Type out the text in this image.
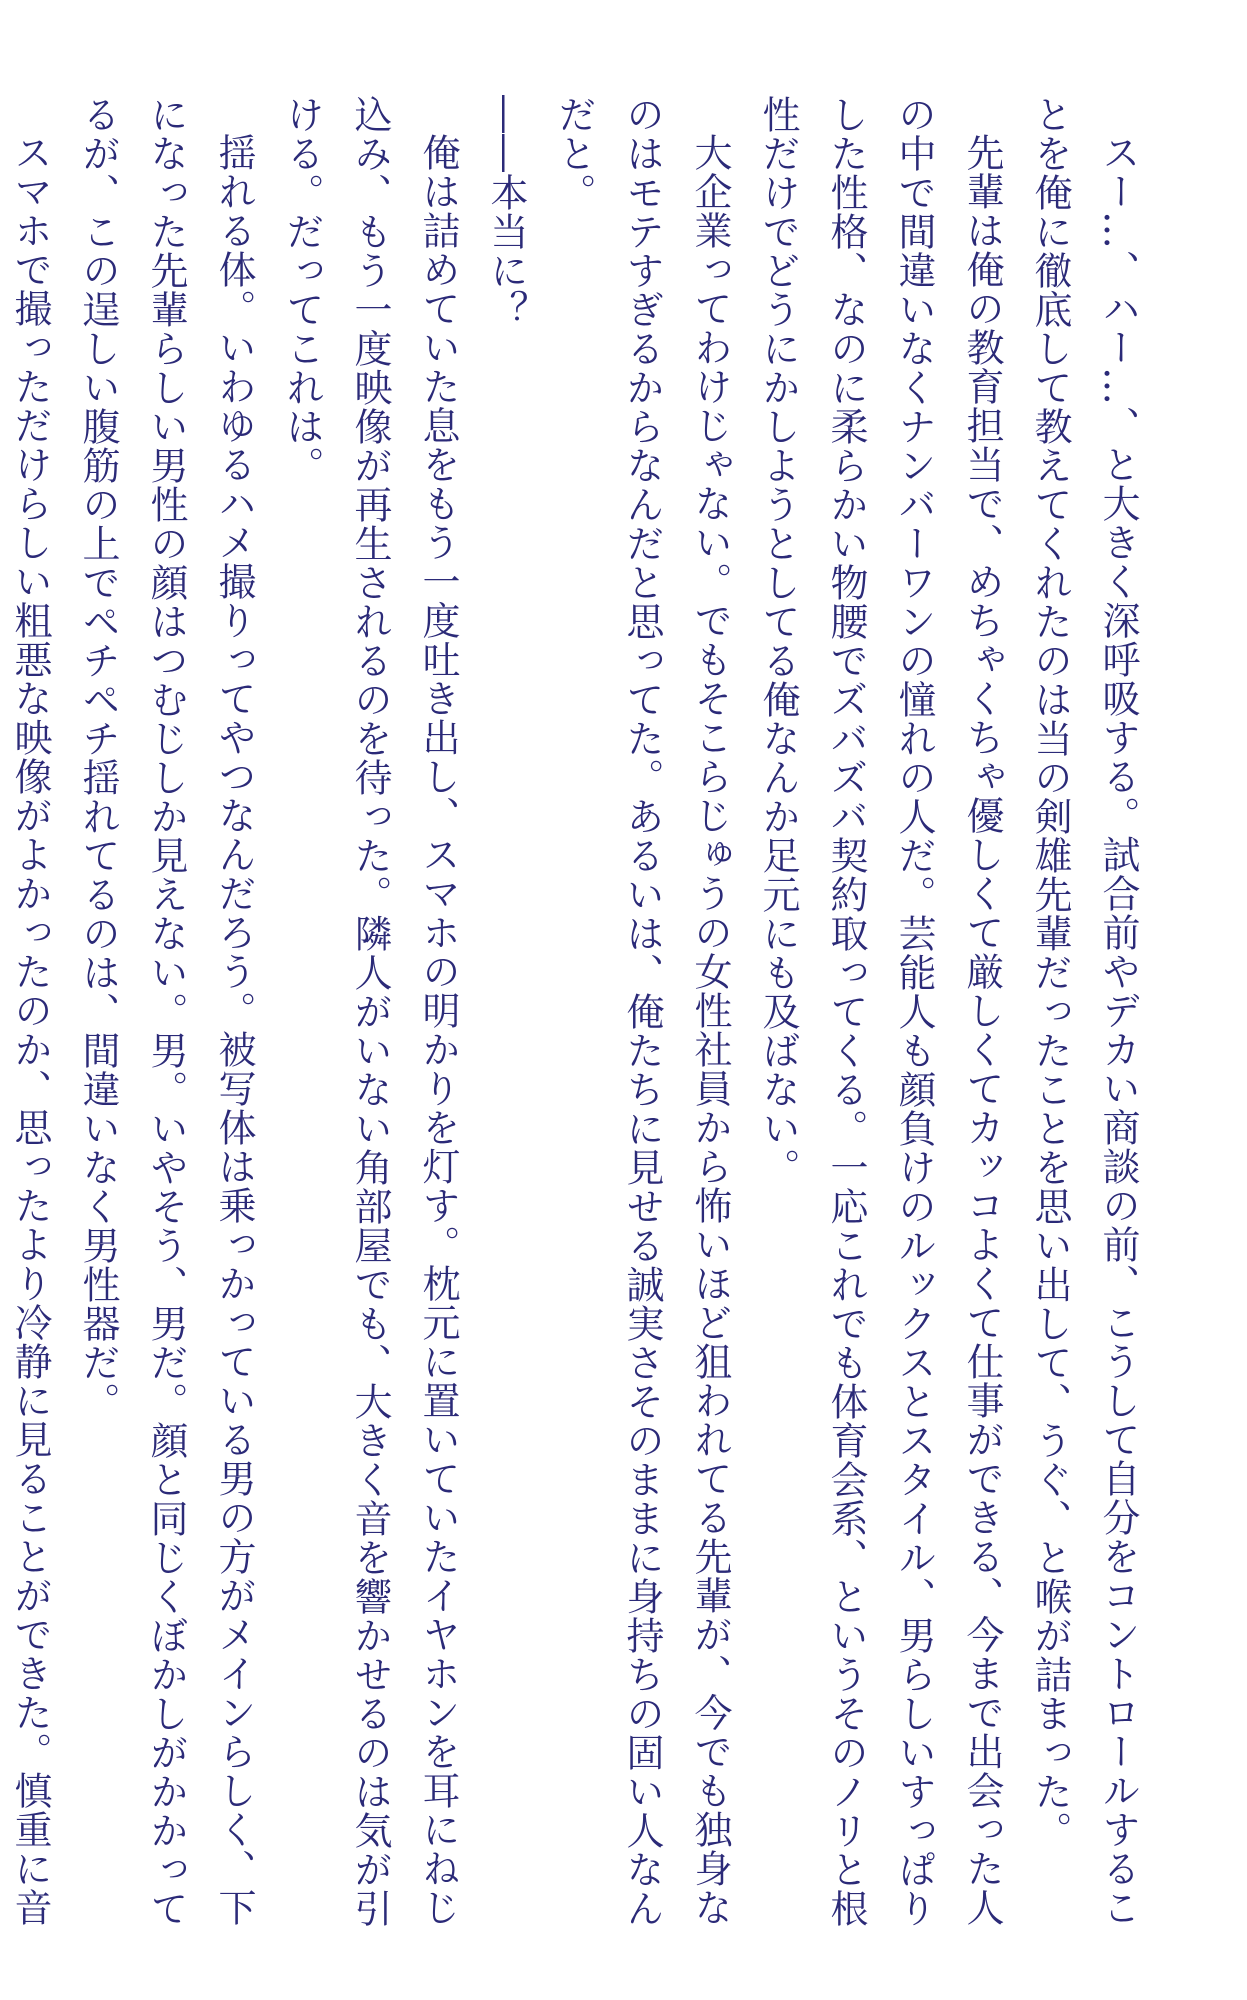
スー…、ハー…、と大きく深呼吸する。試合前やデカい商談の前、こうして自分をコントロールすることを俺に徹底して教えてくれたのは当の剣雄先輩だったことを思い出して、うぐ、と喉が詰まった。

先輩は俺の教育担当で、めちゃくちゃ優しくて厳しくてカッコよくて仕事ができる、今まで出会った人の中で間違いなくナンバーワンの憧れの人だ。芸能人も顔負けのルックスとスタイル、男らしいすっぱりした性格、なのに柔らかい物腰でズバズバ契約取ってくる。一応これでも体育会系、というそのノリと根性だけでどうにかしようとしてる俺なんか足元にも及ばない。

大企業ってわけじゃない。でもそこらじゅうの女性社員から怖いほど狙われてる先輩が、今でも独身なのはモテすぎるからなんだと思ってた。あるいは、俺たちに見せる誠実さそのままに身持ちの固い人なんだと。

――本当に？

俺は詰めていた息をもう一度吐き出し、スマホの明かりを灯す。枕元に置いていたイヤホンを耳にねじ込み、もう一度映像が再生されるのを待った。隣人がいない角部屋でも、大きく音を響かせるのは気が引ける。だってこれは。

揺れる体。いわゆるハメ撮りってやつなんだろう。被写体は乗っかっている男の方がメインらしく、下になった先輩らしい男性の顔はつむじしか見えない。男。いやそう、男だ。顔と同じくぼかしがかかってるが、この逞しい腹筋の上でペチペチ揺れてるのは、間違いなく男性器だ。

スマホで撮っただけらしい粗悪な映像がよかったのか、思ったより冷静に見ることができた。慎重に音
